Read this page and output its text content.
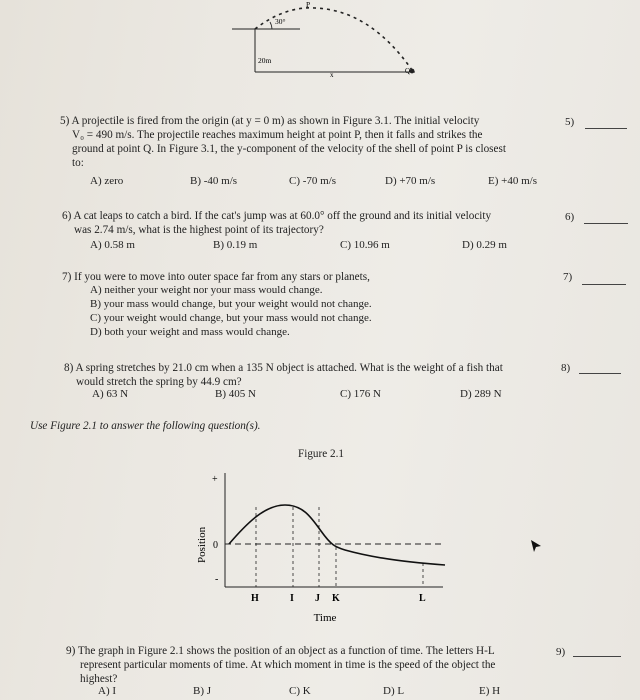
30°
20m
P
Q
x
5) A projectile is fired from the origin (at y = 0 m) as shown in Figure 3.1. The initial velocity
V₀ = 490 m/s. The projectile reaches maximum height at point P, then it falls and strikes the
ground at point Q. In Figure 3.1, the y-component of the velocity of the shell of point P is closest
to:
A) zero	B) -40 m/s	C) -70 m/s	D) +70 m/s	E) +40 m/s
5)
6) A cat leaps to catch a bird. If the cat's jump was at 60.0° off the ground and its initial velocity
was 2.74 m/s, what is the highest point of its trajectory?
A) 0.58 m	B) 0.19 m	C) 10.96 m	D) 0.29 m
6)
7) If you were to move into outer space far from any stars or planets,
A) neither your weight nor your mass would change.
B) your mass would change, but your weight would not change.
C) your weight would change, but your mass would not change.
D) both your weight and mass would change.
7)
8) A spring stretches by 21.0 cm when a 135 N object is attached. What is the weight of a fish that
would stretch the spring by 44.9 cm?
A) 63 N	B) 405 N	C) 176 N	D) 289 N
8)
Use Figure 2.1 to answer the following question(s).
Figure 2.1
+
0
-
Position
H	I J K	L
Time
9) The graph in Figure 2.1 shows the position of an object as a function of time. The letters H-L
represent particular moments of time. At which moment in time is the speed of the object the
highest?
A) I	B) J	C) K	D) L	E) H
9)
